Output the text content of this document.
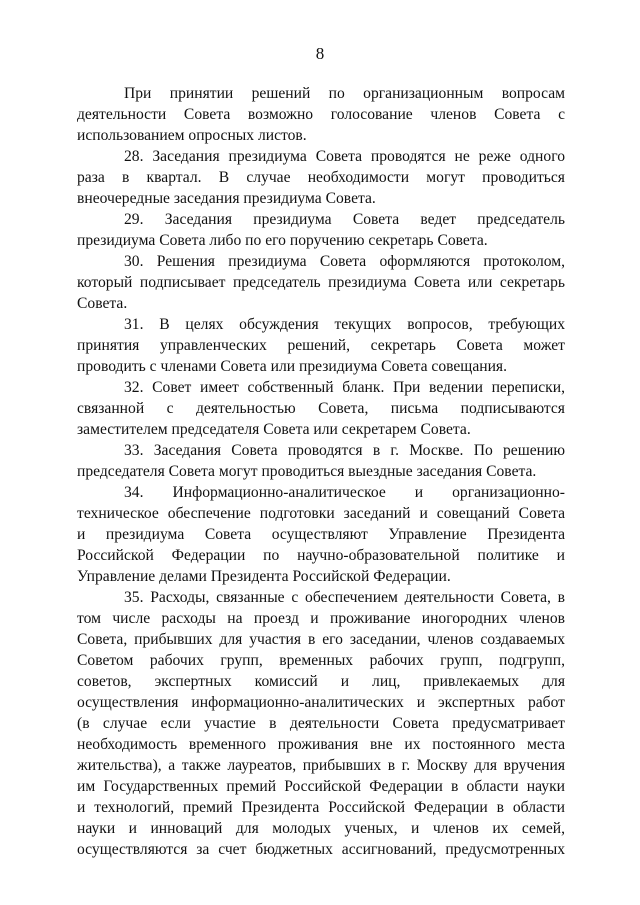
8
При принятии решений по организационным вопросам
деятельности Совета возможно голосование членов Совета с
использованием опросных листов.
28. Заседания президиума Совета проводятся не реже одного
раза в квартал. В случае необходимости могут проводиться
внеочередные заседания президиума Совета.
29. Заседания президиума Совета ведет председатель
президиума Совета либо по его поручению секретарь Совета.
30. Решения президиума Совета оформляются протоколом,
который подписывает председатель президиума Совета или секретарь
Совета.
31. В целях обсуждения текущих вопросов, требующих
принятия управленческих решений, секретарь Совета может
проводить с членами Совета или президиума Совета совещания.
32. Совет имеет собственный бланк. При ведении переписки,
связанной с деятельностью Совета, письма подписываются
заместителем председателя Совета или секретарем Совета.
33. Заседания Совета проводятся в г. Москве. По решению
председателя Совета могут проводиться выездные заседания Совета.
34. Информационно-аналитическое и организационно-
техническое обеспечение подготовки заседаний и совещаний Совета
и президиума Совета осуществляют Управление Президента
Российской Федерации по научно-образовательной политике и
Управление делами Президента Российской Федерации.
35. Расходы, связанные с обеспечением деятельности Совета, в
том числе расходы на проезд и проживание иногородних членов
Совета, прибывших для участия в его заседании, членов создаваемых
Советом рабочих групп, временных рабочих групп, подгрупп,
советов, экспертных комиссий и лиц, привлекаемых для
осуществления информационно-аналитических и экспертных работ
(в случае если участие в деятельности Совета предусматривает
необходимость временного проживания вне их постоянного места
жительства), а также лауреатов, прибывших в г. Москву для вручения
им Государственных премий Российской Федерации в области науки
и технологий, премий Президента Российской Федерации в области
науки и инноваций для молодых ученых, и членов их семей,
осуществляются за счет бюджетных ассигнований, предусмотренных
